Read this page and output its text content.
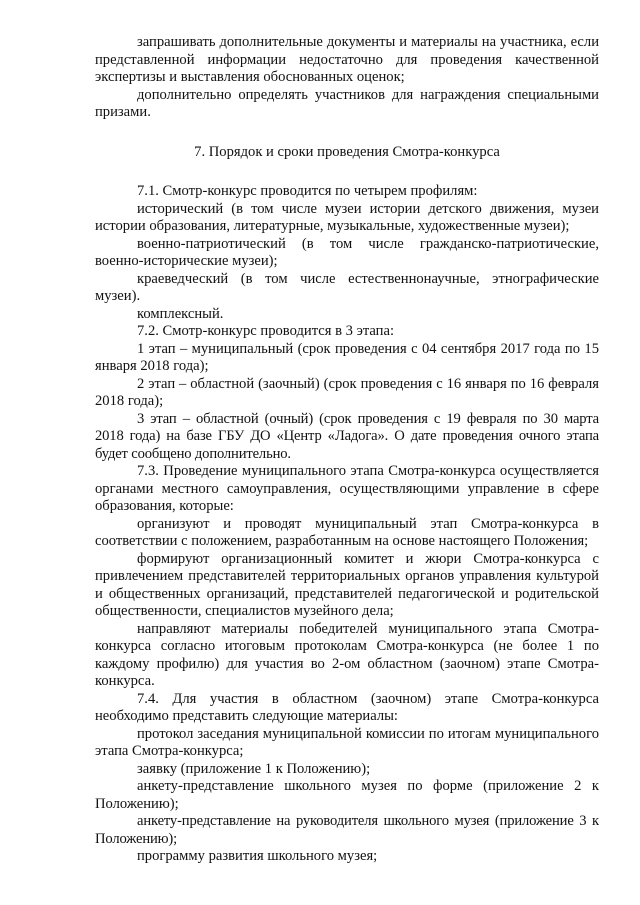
запрашивать дополнительные документы и материалы на участника, если представленной информации недостаточно для проведения качественной экспертизы и выставления обоснованных оценок;

дополнительно определять участников для награждения специальными призами.

7. Порядок и сроки проведения Смотра-конкурса

7.1. Смотр-конкурс проводится по четырем профилям:

исторический (в том числе музеи истории детского движения, музеи истории образования, литературные, музыкальные, художественные музеи);

военно-патриотический (в том числе гражданско-патриотические, военно-исторические музеи);

краеведческий (в том числе естественнонаучные, этнографические музеи).

комплексный.

7.2. Смотр-конкурс проводится в 3 этапа:

1 этап – муниципальный (срок проведения с 04 сентября 2017 года по 15 января 2018 года);

2 этап – областной (заочный) (срок проведения с 16 января по 16 февраля 2018 года);

3 этап – областной (очный) (срок проведения с 19 февраля по 30 марта 2018 года) на базе ГБУ ДО «Центр «Ладога». О дате проведения очного этапа будет сообщено дополнительно.

7.3. Проведение муниципального этапа Смотра-конкурса осуществляется органами местного самоуправления, осуществляющими управление в сфере образования, которые:

организуют и проводят муниципальный этап Смотра-конкурса в соответствии с положением, разработанным на основе настоящего Положения;

формируют организационный комитет и жюри Смотра-конкурса с привлечением представителей территориальных органов управления культурой и общественных организаций, представителей педагогической и родительской общественности, специалистов музейного дела;

направляют материалы победителей муниципального этапа Смотра-конкурса согласно итоговым протоколам Смотра-конкурса (не более 1 по каждому профилю) для участия во 2-ом областном (заочном) этапе Смотра-конкурса.

7.4. Для участия в областном (заочном) этапе Смотра-конкурса необходимо представить следующие материалы:

протокол заседания муниципальной комиссии по итогам муниципального этапа Смотра-конкурса;

заявку (приложение 1 к Положению);

анкету-представление школьного музея по форме (приложение 2 к Положению);

анкету-представление на руководителя школьного музея (приложение 3 к Положению);

программу развития школьного музея;
